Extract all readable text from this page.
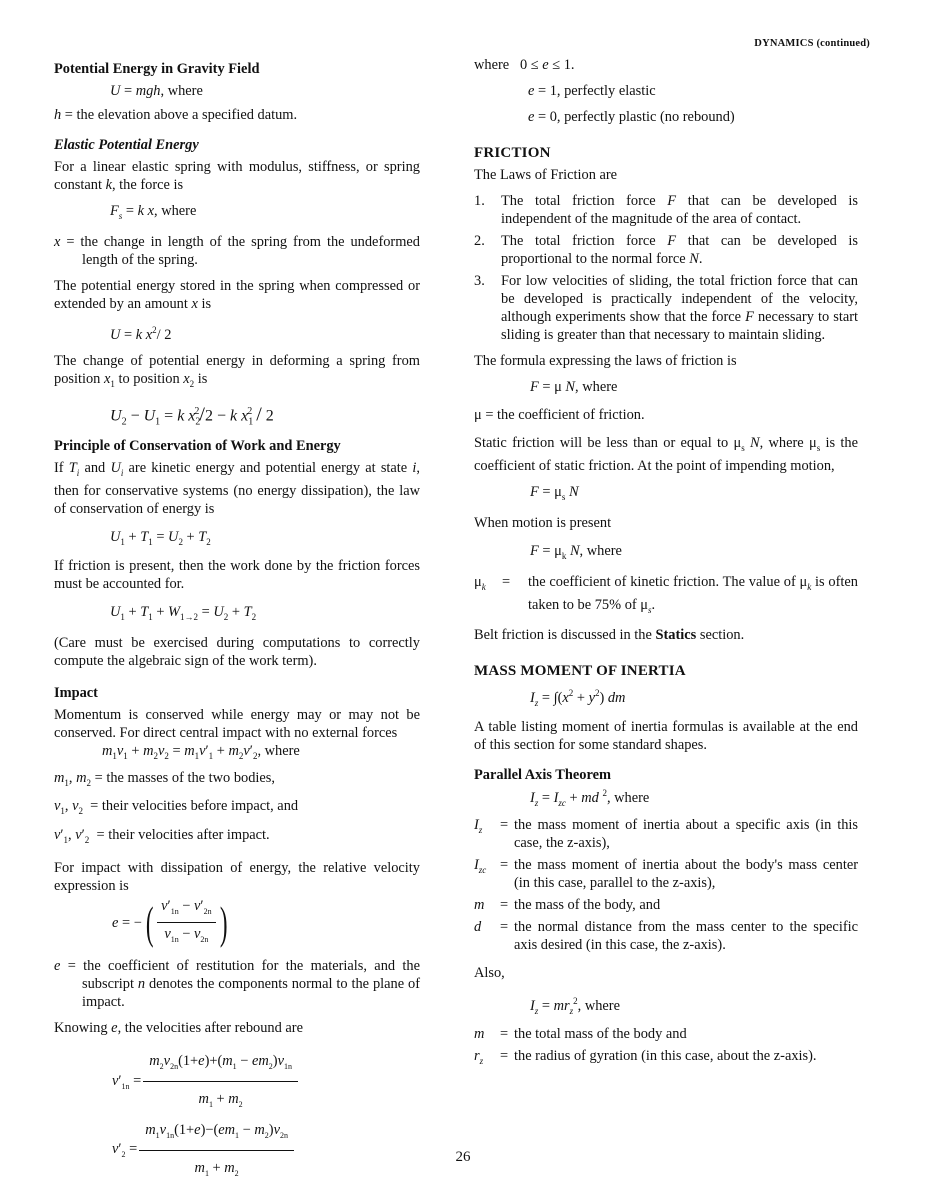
DYNAMICS (continued)

Potential Energy in Gravity Field

U = mgh, where

h = the elevation above a specified datum.

Elastic Potential Energy

For a linear elastic spring with modulus, stiffness, or spring constant k, the force is

$F_s = k$ x, where

x = the change in length of the spring from the undeformed length of the spring.

The potential energy stored in the spring when compressed or extended by an amount x is

U = k $x^2/$ 2

The change of potential energy in deforming a spring from position $x_1$ to position $x_2$ is

$U_2 - U_1 = k$ $x_2^2/2 - k$ $x_1^2 / 2$

Principle of Conservation of Work and Energy

If $T_i$ and $U_i$ are kinetic energy and potential energy at state i, then for conservative systems (no energy dissipation), the law of conservation of energy is

$U_1 + T_1 = U_2 + T_2$

If friction is present, then the work done by the friction forces must be accounted for.

$U_1 + T_1 + W_{1\to 2} = U_2 + T_2$

(Care must be exercised during computations to correctly compute the algebraic sign of the work term).

Impact

Momentum is conserved while energy may or may not be conserved. For direct central impact with no external forces

$m_1v_1 + m_2v_2 = m_1v'_1 + m_2v'_2$, where

$m_1$, $m_2$ = the masses of the two bodies,

$v_1$, $v_2$  = their velocities before impact, and

$v'_1$, $v'_2$  = their velocities after impact.

For impact with dissipation of energy, the relative velocity expression is

e = − ( $\frac{v'_{1n} - v'_{2n}}{v_{1n} - v_{2n}}$ )

e = the coefficient of restitution for the materials, and the subscript n denotes the components normal to the plane of impact.

Knowing e, the velocities after rebound are

$v'_{1n} = \frac{m_2v_{2n}(1+e)+(m_1 - em_2)v_{1n}}{m_1 + m_2}$
$v'_2 = \frac{m_1v_{1n}(1+e)-(em_1 - m_2)v_{2n}}{m_1 + m_2}$

where   0 ≤ e ≤ 1.

e = 1, perfectly elastic

e = 0, perfectly plastic (no rebound)

FRICTION

The Laws of Friction are

1.	The total friction force F that can be developed is independent of the magnitude of the area of contact.
2.	The total friction force F that can be developed is proportional to the normal force N.
3.	For low velocities of sliding, the total friction force that can be developed is practically independent of the velocity, although experiments show that the force F necessary to start sliding is greater than that necessary to maintain sliding.

The formula expressing the laws of friction is

F = μ N, where

μ = the coefficient of friction.

Static friction will be less than or equal to $\mu_s$ N, where $\mu_s$ is the coefficient of static friction. At the point of impending motion,

$F = \mu_s$ N

When motion is present

$F = \mu_k$ N, where

$\mu_k$	=	the coefficient of kinetic friction. The value of $\mu_k$ is often taken to be 75% of $\mu_s$.

Belt friction is discussed in the Statics section.

MASS MOMENT OF INERTIA

$I_z = \int(x^2 + y^2)$ dm

A table listing moment of inertia formulas is available at the end of this section for some standard shapes.

Parallel Axis Theorem

$I_z = I_{zc}$ + md $^2$, where

$I_z$	= the mass moment of inertia about a specific axis (in this case, the z-axis),
$I_{zc}$ = the mass moment of inertia about the body's mass center (in this case, parallel to the z-axis),
m	= the mass of the body, and
d	= the normal distance from the mass center to the specific axis desired (in this case, the z-axis).

Also,

$I_z = mr_z^2$, where

m	= the total mass of the body and
$r_z$	= the radius of gyration (in this case, about the z-axis).
26
